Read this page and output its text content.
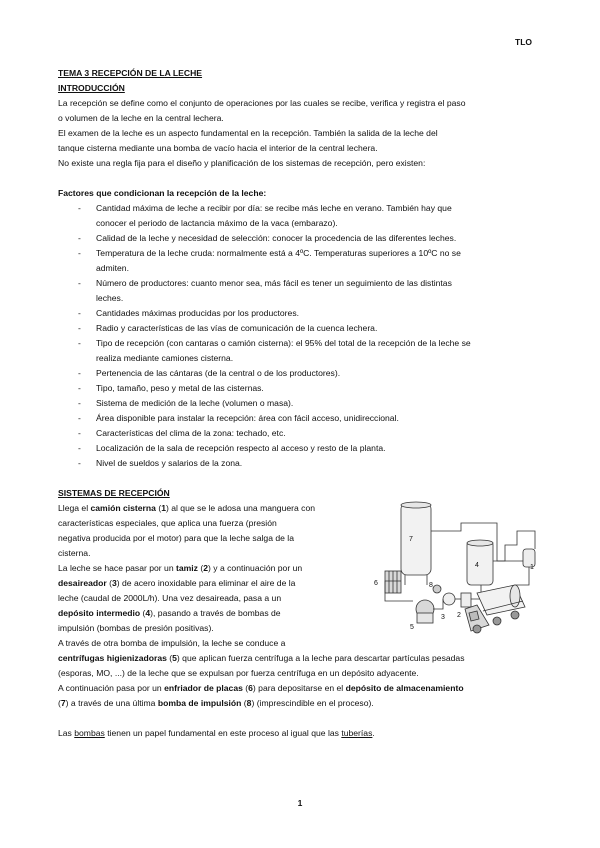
TLO

TEMA 3 RECEPCIÓN DE LA LECHE

INTRODUCCIÓN

La recepción se define como el conjunto de operaciones por las cuales se recibe, verifica y registra el paso

o volumen de la leche en la central lechera.

El examen de la leche es un aspecto fundamental en la recepción. También la salida de la leche del

tanque cisterna mediante una bomba de vacío hacia el interior de la central lechera.

No existe una regla fija para el diseño y planificación de los sistemas de recepción, pero existen:

Factores que condicionan la recepción de la leche:

- Cantidad máxima de leche a recibir por día: se recibe más leche en verano. También hay que
conocer el periodo de lactancia máximo de la vaca (embarazo).
- Calidad de la leche y necesidad de selección: conocer la procedencia de las diferentes leches.
- Temperatura de la leche cruda: normalmente está a 4ºC. Temperaturas superiores a 10ºC no se
admiten.
- Número de productores: cuanto menor sea, más fácil es tener un seguimiento de las distintas
leches.
- Cantidades máximas producidas por los productores.
- Radio y características de las vías de comunicación de la cuenca lechera.
- Tipo de recepción (con cantaras o camión cisterna): el 95% del total de la recepción de la leche se
realiza mediante camiones cisterna.
- Pertenencia de las cántaras (de la central o de los productores).
- Tipo, tamaño, peso y metal de las cisternas.
- Sistema de medición de la leche (volumen o masa).
- Área disponible para instalar la recepción: área con fácil acceso, unidireccional.
- Características del clima de la zona: techado, etc.
- Localización de la sala de recepción respecto al acceso y resto de la planta.
- Nivel de sueldos y salarios de la zona.

SISTEMAS DE RECEPCIÓN

Llega el camión cisterna (1) al que se le adosa una manguera con

características especiales, que aplica una fuerza (presión

negativa producida por el motor) para que la leche salga de la

cisterna.

La leche se hace pasar por un tamiz (2) y a continuación por un

desaireador (3) de acero inoxidable para eliminar el aire de la

leche (caudal de 2000L/h). Una vez desaireada, pasa a un

depósito intermedio (4), pasando a través de bombas de

impulsión (bombas de presión positivas).

A través de otra bomba de impulsión, la leche se conduce a

7
4
6	8
5
3 2
1

centrífugas higienizadoras (5) que aplican fuerza centrífuga a la leche para descartar partículas pesadas

(esporas, MO, ...) de la leche que se expulsan por fuerza centrífuga en un depósito adyacente.

A continuación pasa por un enfriador de placas (6) para depositarse en el depósito de almacenamiento

(7) a través de una última bomba de impulsión (8) (imprescindible en el proceso).

Las bombas tienen un papel fundamental en este proceso al igual que las tuberías.

1
